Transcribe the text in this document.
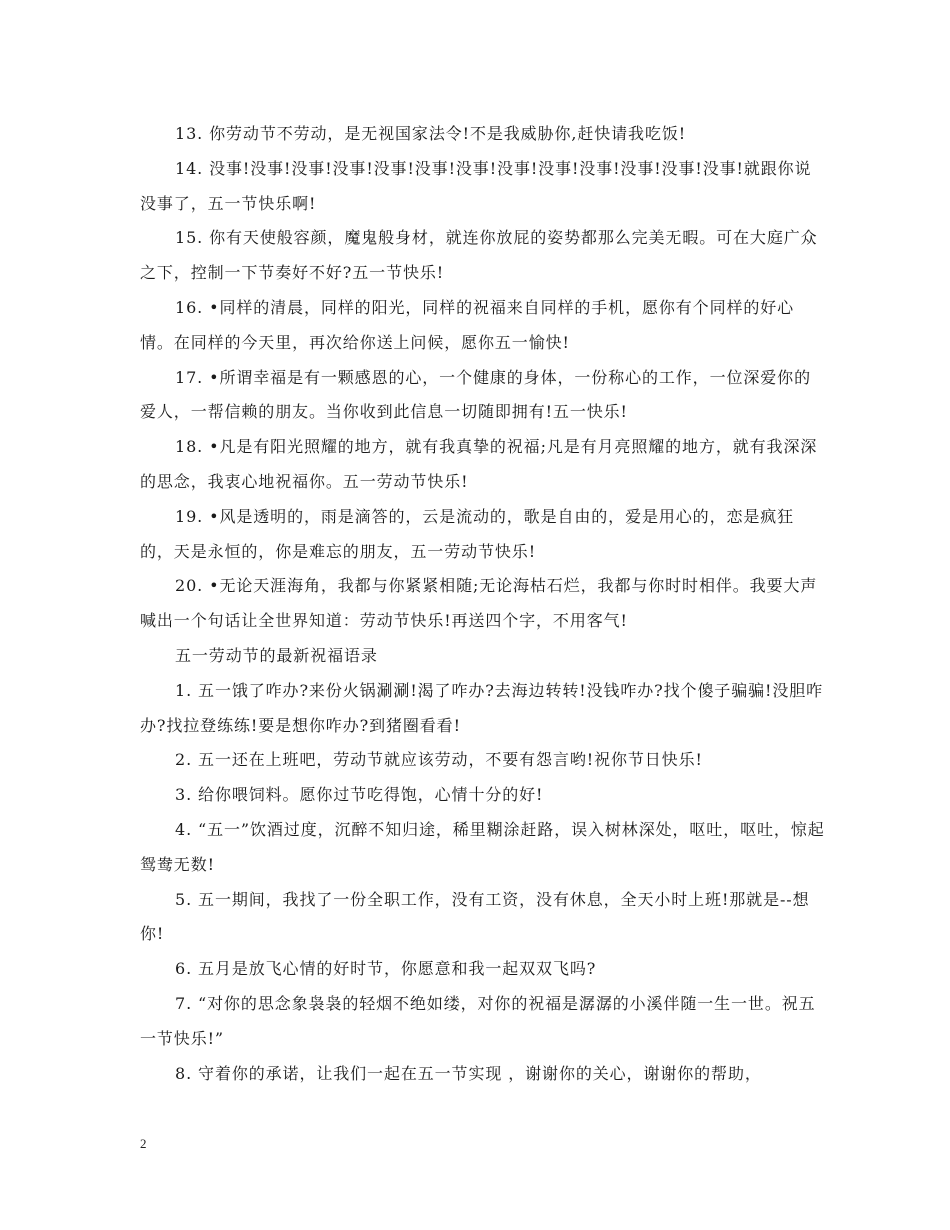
13. 你劳动节不劳动，是无视国家法令!不是我威胁你,赶快请我吃饭!

14. 没事!没事!没事!没事!没事!没事!没事!没事!没事!没事!没事!没事!没事!就跟你说没事了，五一节快乐啊!

15. 你有天使般容颜，魔鬼般身材，就连你放屁的姿势都那么完美无暇。可在大庭广众之下，控制一下节奏好不好?五一节快乐!

16. •同样的清晨，同样的阳光，同样的祝福来自同样的手机，愿你有个同样的好心情。在同样的今天里，再次给你送上问候，愿你五一愉快!

17. •所谓幸福是有一颗感恩的心，一个健康的身体，一份称心的工作，一位深爱你的爱人，一帮信赖的朋友。当你收到此信息一切随即拥有!五一快乐!

18. •凡是有阳光照耀的地方，就有我真挚的祝福;凡是有月亮照耀的地方，就有我深深的思念，我衷心地祝福你。五一劳动节快乐!

19. •风是透明的，雨是滴答的，云是流动的，歌是自由的，爱是用心的，恋是疯狂的，天是永恒的，你是难忘的朋友，五一劳动节快乐!

20. •无论天涯海角，我都与你紧紧相随;无论海枯石烂，我都与你时时相伴。我要大声喊出一个句话让全世界知道：劳动节快乐!再送四个字，不用客气!

五一劳动节的最新祝福语录

1. 五一饿了咋办?来份火锅涮涮!渴了咋办?去海边转转!没钱咋办?找个傻子骗骗!没胆咋办?找拉登练练!要是想你咋办?到猪圈看看!

2. 五一还在上班吧，劳动节就应该劳动，不要有怨言哟!祝你节日快乐!

3. 给你喂饲料。愿你过节吃得饱，心情十分的好!

4. “五一”饮酒过度，沉醉不知归途，稀里糊涂赶路，误入树林深处，呕吐，呕吐，惊起鸳鸯无数!

5. 五一期间，我找了一份全职工作，没有工资，没有休息，全天小时上班!那就是--想你!

6. 五月是放飞心情的好时节，你愿意和我一起双双飞吗?

7. “对你的思念象袅袅的轻烟不绝如缕，对你的祝福是潺潺的小溪伴随一生一世。祝五一节快乐!”

8. 守着你的承诺，让我们一起在五一节实现 ，谢谢你的关心，谢谢你的帮助，

2
